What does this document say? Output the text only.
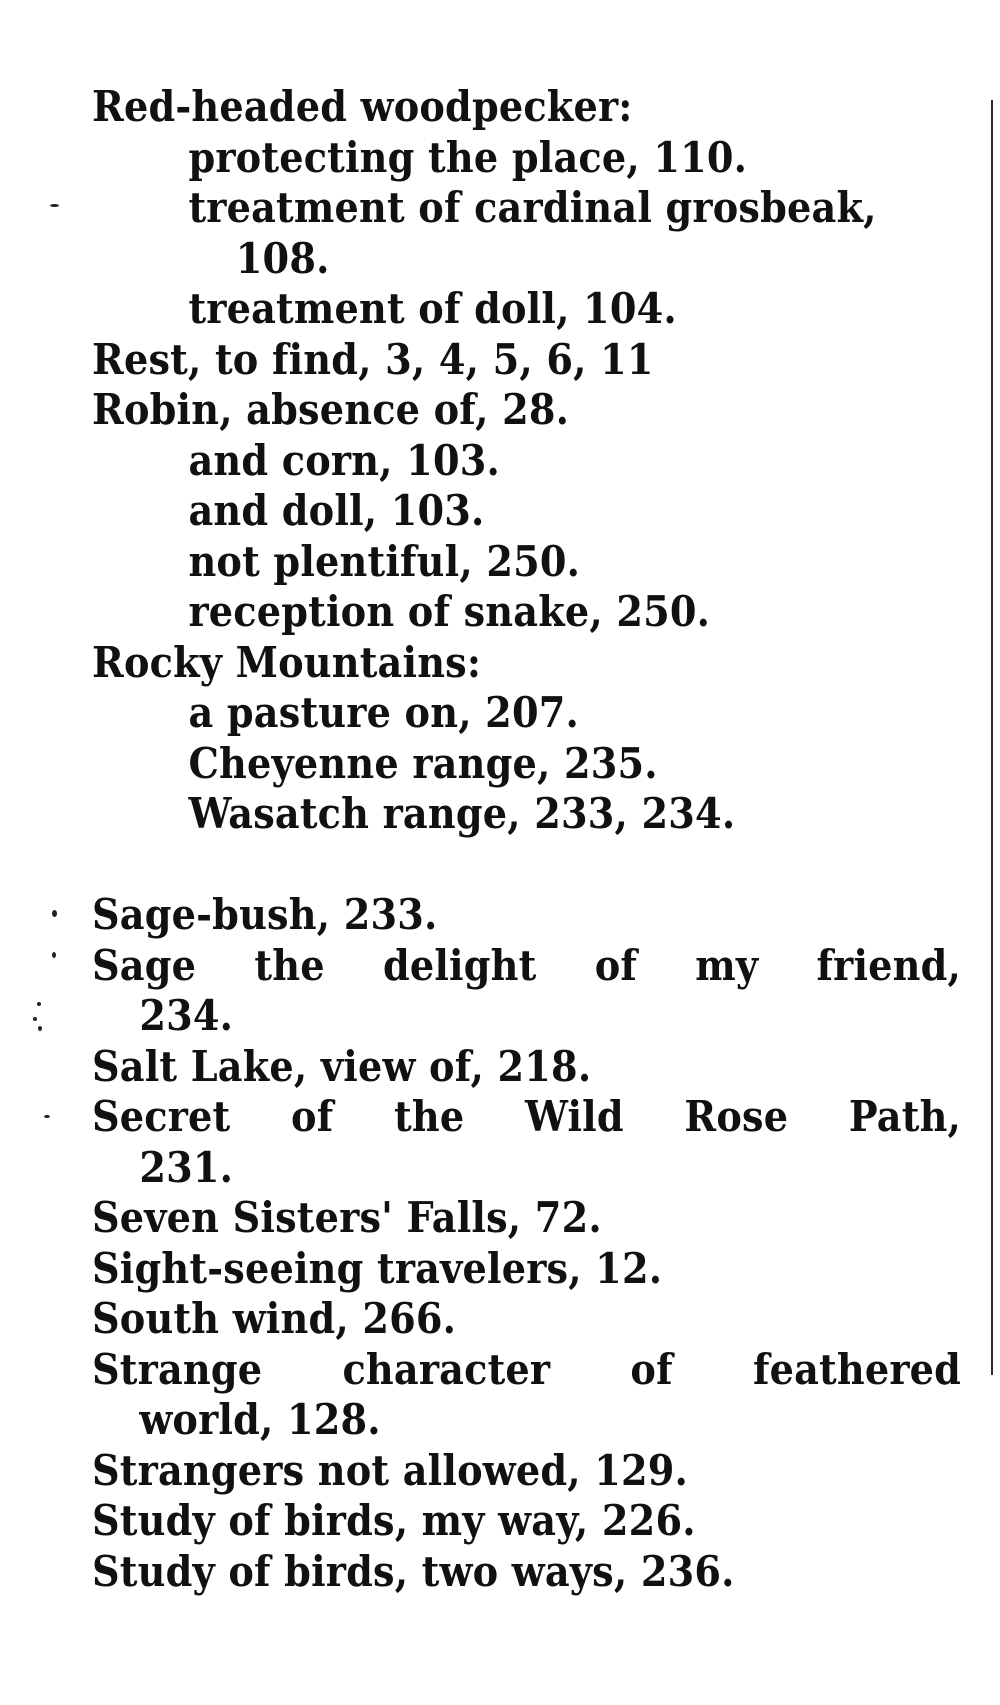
Red-headed woodpecker:
protecting the place, 110.
treatment of cardinal grosbeak,
108.
treatment of doll, 104.
Rest, to find, 3, 4, 5, 6, 11
Robin, absence of, 28.
and corn, 103.
and doll, 103.
not plentiful, 250.
reception of snake, 250.
Rocky Mountains:
a pasture on, 207.
Cheyenne range, 235.
Wasatch range, 233, 234.
Sage-bush, 233.
Sage the delight of my friend,
234.
Salt Lake, view of, 218.
Secret of the Wild Rose Path,
231.
Seven Sisters' Falls, 72.
Sight-seeing travelers, 12.
South wind, 266.
Strange character of feathered
world, 128.
Strangers not allowed, 129.
Study of birds, my way, 226.
Study of birds, two ways, 236.
